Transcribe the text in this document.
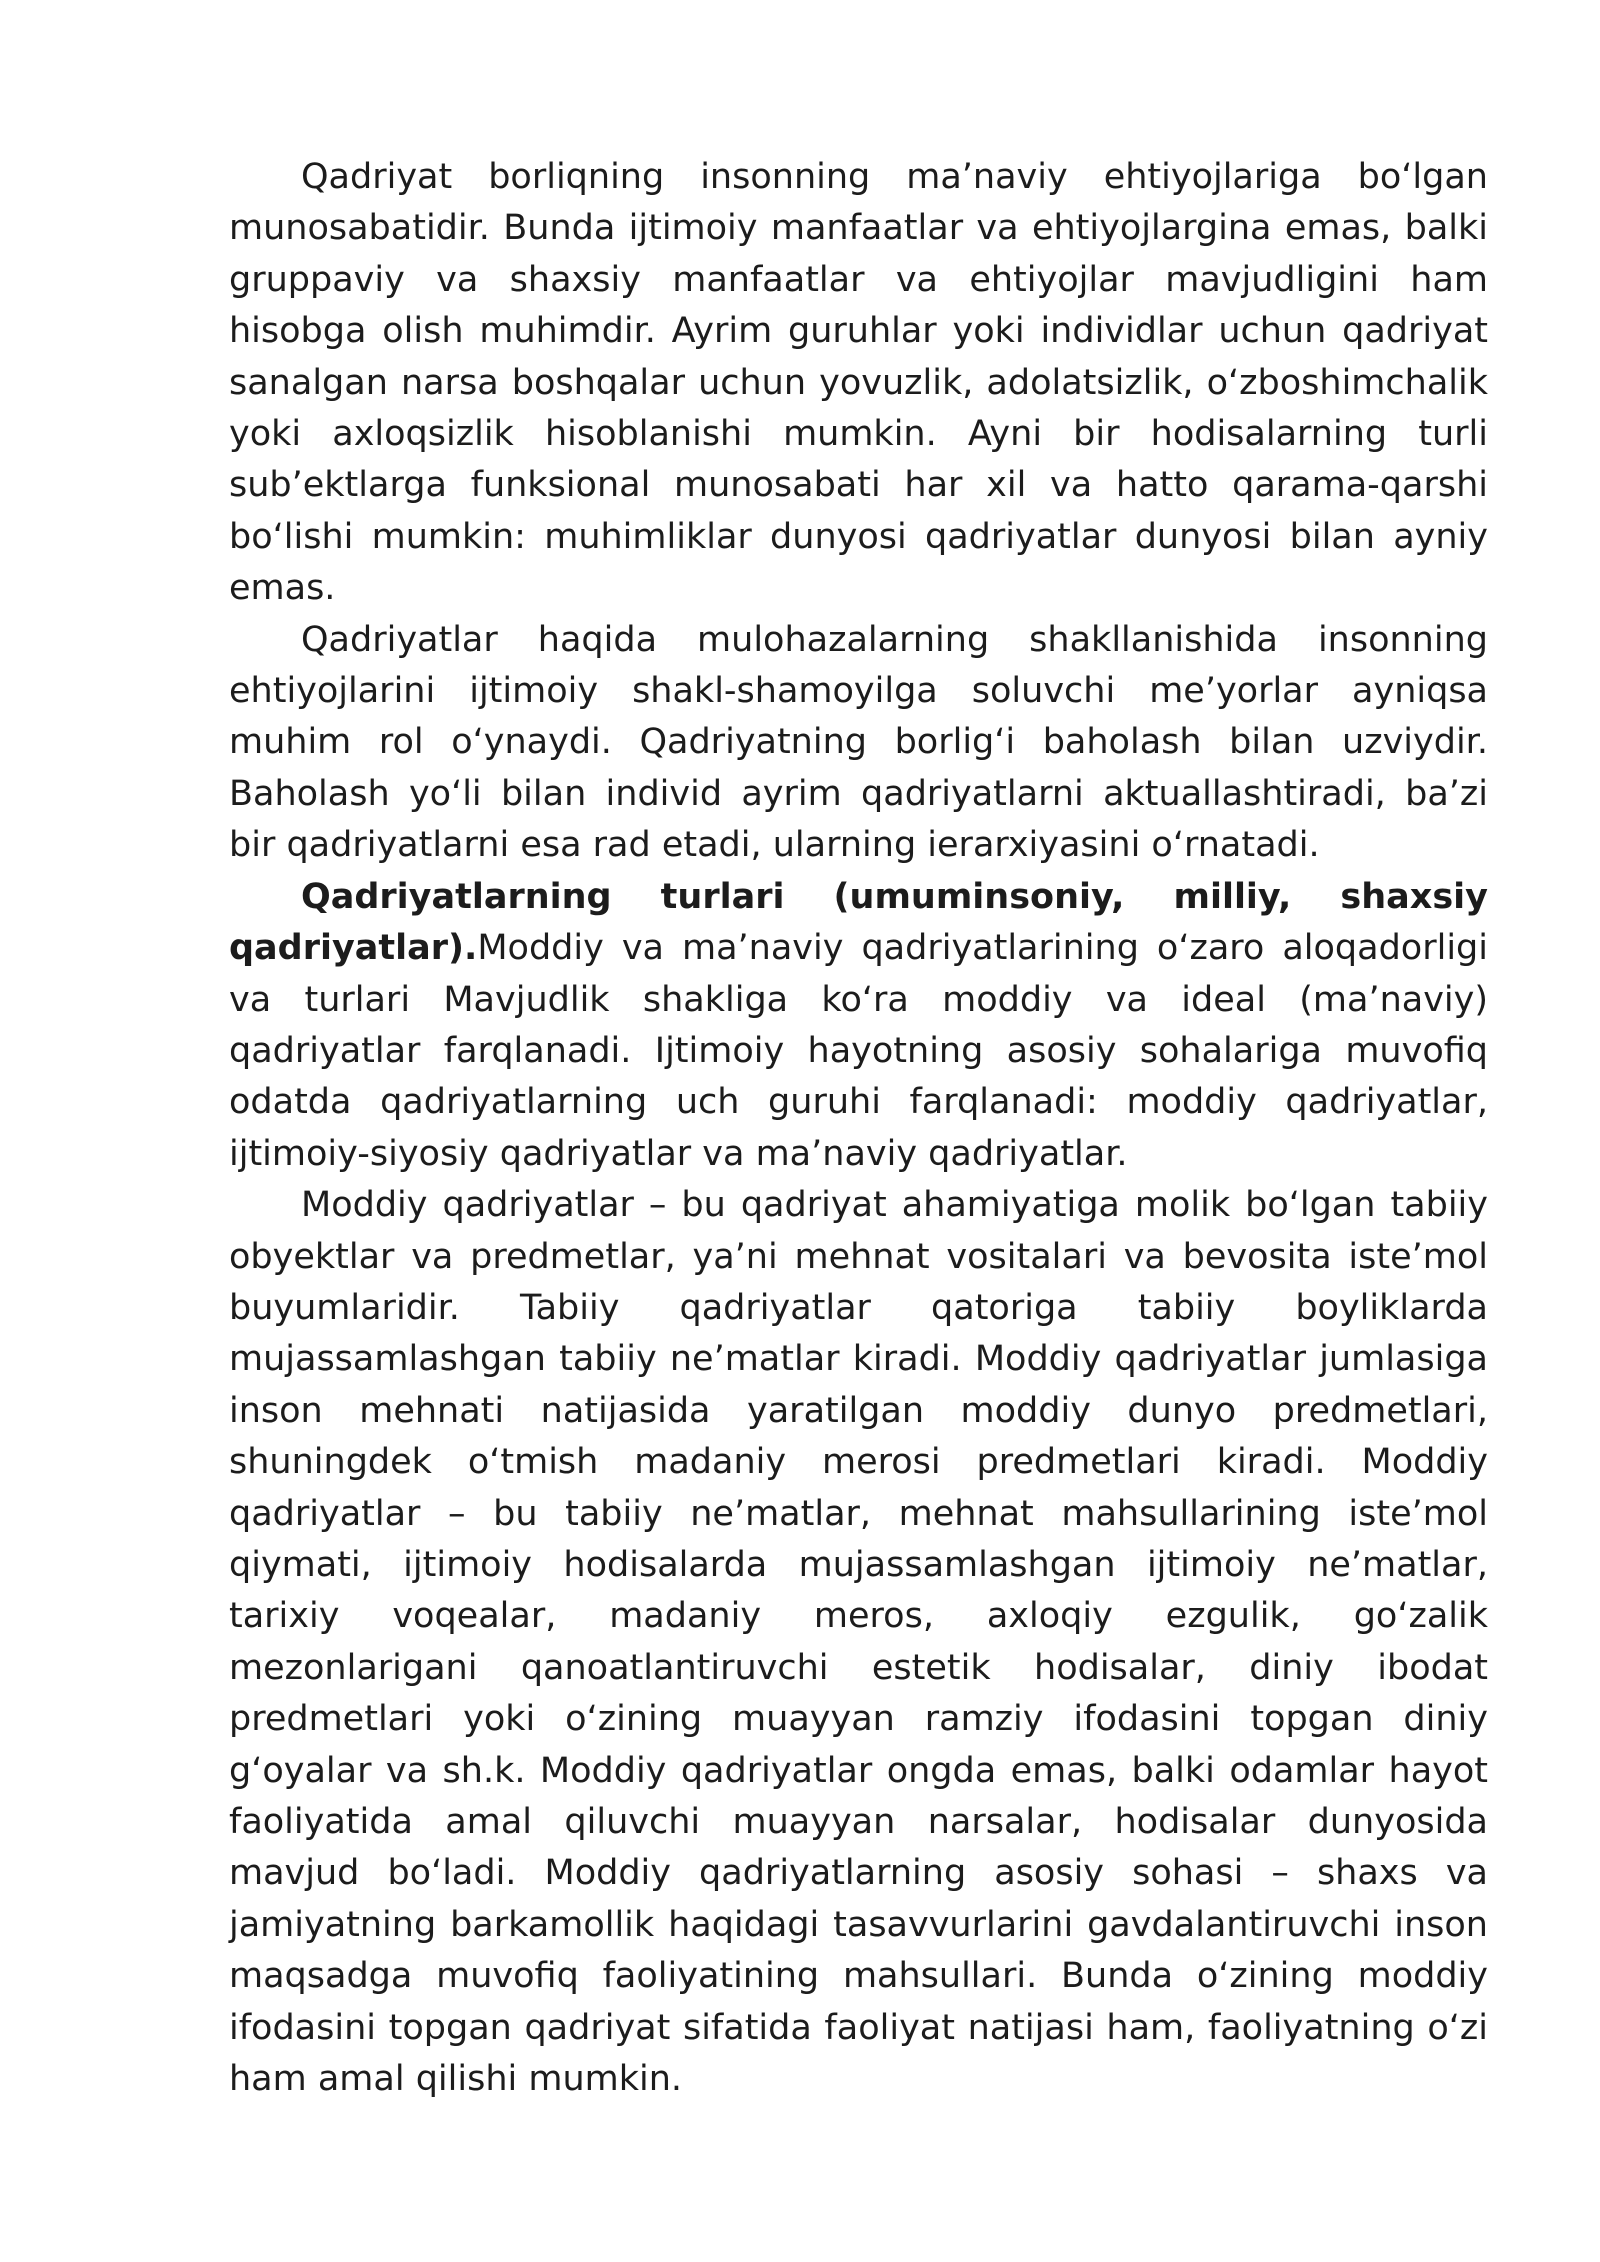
Qadriyat borliqning insonning ma’naviy ehtiyojlariga bo‘lgan munosabatidir. Bunda ijtimoiy manfaatlar va ehtiyojlargina emas, balki gruppaviy va shaxsiy manfaatlar va ehtiyojlar mavjudligini ham hisobga olish muhimdir. Ayrim guruhlar yoki individlar uchun qadriyat sanalgan narsa boshqalar uchun yovuzlik, adolatsizlik, o‘zboshimchalik yoki axloqsizlik hisoblanishi mumkin. Ayni bir hodisalarning turli sub’ektlarga funksional munosabati har xil va hatto qarama-qarshi bo‘lishi mumkin: muhimliklar dunyosi qadriyatlar dunyosi bilan ayniy emas.

Qadriyatlar haqida mulohazalarning shakllanishida insonning ehtiyojlarini ijtimoiy shakl-shamoyilga soluvchi me’yorlar ayniqsa muhim rol o‘ynaydi. Qadriyatning borlig‘i baholash bilan uzviydir. Baholash yo‘li bilan individ ayrim qadriyatlarni aktuallashtiradi, ba’zi bir qadriyatlarni esa rad etadi, ularning ierarxiyasini o‘rnatadi.

Qadriyatlarning turlari (umuminsoniy, milliy, shaxsiy qadriyatlar).Moddiy va ma’naviy qadriyatlarining o‘zaro aloqadorligi va turlari Mavjudlik shakliga ko‘ra moddiy va ideal (ma’naviy) qadriyatlar farqlanadi. Ijtimoiy hayotning asosiy sohalariga muvofiq odatda qadriyatlarning uch guruhi farqlanadi: moddiy qadriyatlar, ijtimoiy-siyosiy qadriyatlar va ma’naviy qadriyatlar.

Moddiy qadriyatlar – bu qadriyat ahamiyatiga molik bo‘lgan tabiiy obyektlar va predmetlar, ya’ni mehnat vositalari va bevosita iste’mol buyumlaridir. Tabiiy qadriyatlar qatoriga tabiiy boyliklarda mujassamlashgan tabiiy ne’matlar kiradi. Moddiy qadriyatlar jumlasiga inson mehnati natijasida yaratilgan moddiy dunyo predmetlari, shuningdek o‘tmish madaniy merosi predmetlari kiradi. Moddiy qadriyatlar – bu tabiiy ne’matlar, mehnat mahsullarining iste’mol qiymati, ijtimoiy hodisalarda mujassamlashgan ijtimoiy ne’matlar, tarixiy voqealar, madaniy meros, axloqiy ezgulik, go‘zalik mezonlarigani qanoatlantiruvchi estetik hodisalar, diniy ibodat predmetlari yoki o‘zining muayyan ramziy ifodasini topgan diniy g‘oyalar va sh.k. Moddiy qadriyatlar ongda emas, balki odamlar hayot faoliyatida amal qiluvchi muayyan narsalar, hodisalar dunyosida mavjud bo‘ladi. Moddiy qadriyatlarning asosiy sohasi – shaxs va jamiyatning barkamollik haqidagi tasavvurlarini gavdalantiruvchi inson maqsadga muvofiq faoliyatining mahsullari. Bunda o‘zining moddiy ifodasini topgan qadriyat sifatida faoliyat natijasi ham, faoliyatning o‘zi ham amal qilishi mumkin.
